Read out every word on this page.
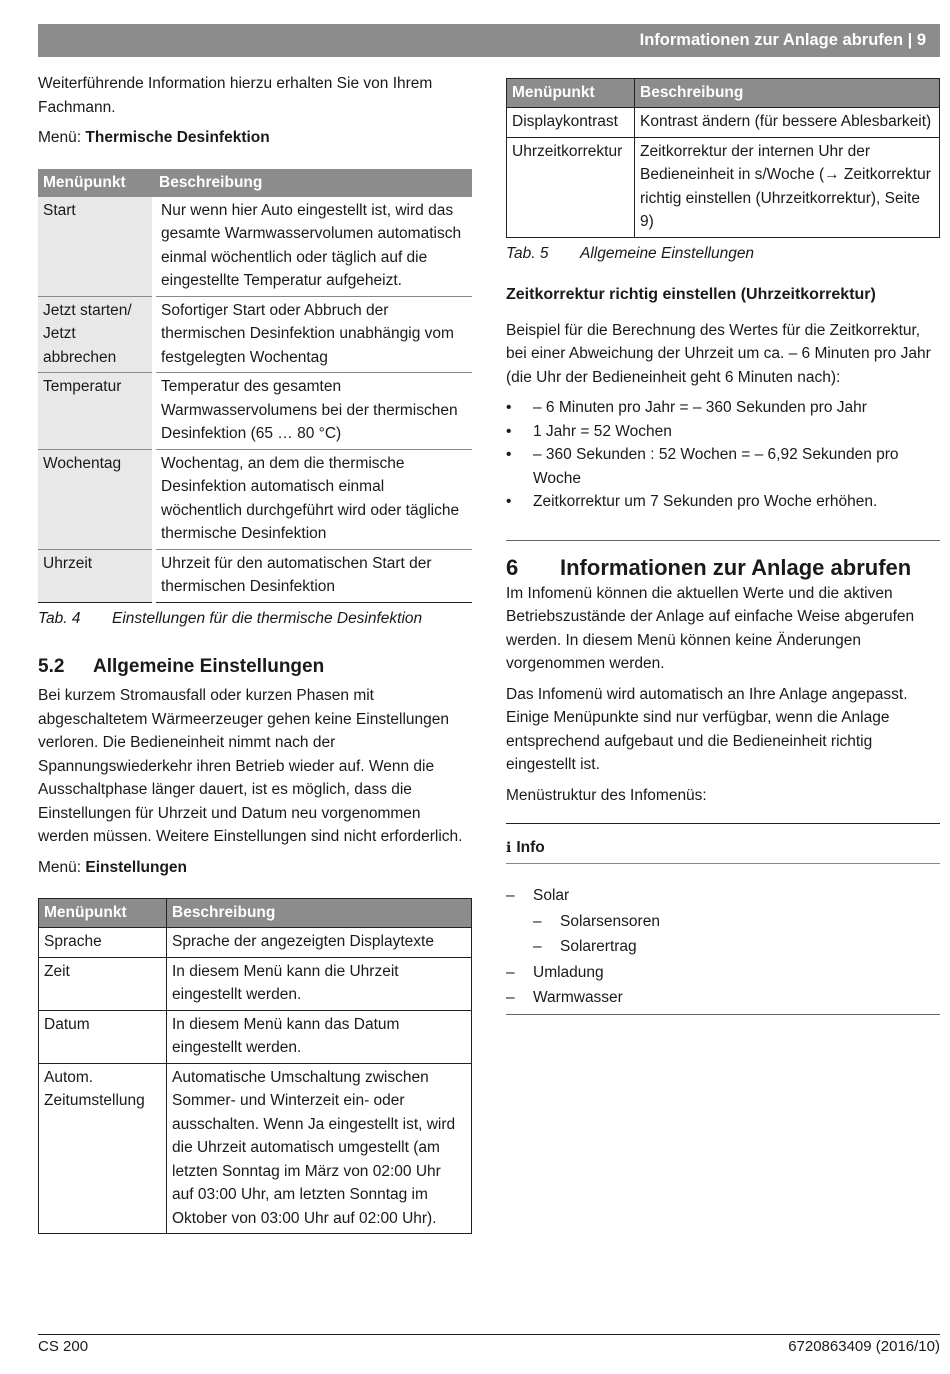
Informationen zur Anlage abrufen | 9

Weiterführende Information hierzu erhalten Sie von Ihrem Fachmann.

Menü: Thermische Desinfektion

Menüpunkt	Beschreibung
Start	Nur wenn hier Auto eingestellt ist, wird das gesamte Warmwasservolumen automatisch einmal wöchentlich oder täglich auf die eingestellte Temperatur aufgeheizt.
Jetzt starten/ Jetzt abbrechen	Sofortiger Start oder Abbruch der thermischen Desinfektion unabhängig vom festgelegten Wochentag
Temperatur	Temperatur des gesamten Warmwasservolumens bei der thermischen Desinfektion (65 … 80 °C)
Wochentag	Wochentag, an dem die thermische Desinfektion automatisch einmal wöchentlich durchgeführt wird oder tägliche thermische Desinfektion
Uhrzeit	Uhrzeit für den automatischen Start der thermischen Desinfektion
Tab. 4 Einstellungen für die thermische Desinfektion
5.2 Allgemeine Einstellungen

Bei kurzem Stromausfall oder kurzen Phasen mit abgeschaltetem Wärmeerzeuger gehen keine Einstellungen verloren. Die Bedieneinheit nimmt nach der Spannungswiederkehr ihren Betrieb wieder auf. Wenn die Ausschaltphase länger dauert, ist es möglich, dass die Einstellungen für Uhrzeit und Datum neu vorgenommen werden müssen. Weitere Einstellungen sind nicht erforderlich.

Menü: Einstellungen

Menüpunkt	Beschreibung
Sprache	Sprache der angezeigten Displaytexte
Zeit	In diesem Menü kann die Uhrzeit eingestellt werden.
Datum	In diesem Menü kann das Datum eingestellt werden.
Autom. Zeitumstellung	Automatische Umschaltung zwischen Sommer- und Winterzeit ein- oder ausschalten. Wenn Ja eingestellt ist, wird die Uhrzeit automatisch umgestellt (am letzten Sonntag im März von 02:00 Uhr auf 03:00 Uhr, am letzten Sonntag im Oktober von 03:00 Uhr auf 02:00 Uhr).
Menüpunkt	Beschreibung
Displaykontrast	Kontrast ändern (für bessere Ablesbarkeit)
Uhrzeitkorrektur	Zeitkorrektur der internen Uhr der Bedieneinheit in s/Woche (→ Zeitkorrektur richtig einstellen (Uhrzeitkorrektur), Seite 9)
Tab. 5 Allgemeine Einstellungen
Zeitkorrektur richtig einstellen (Uhrzeitkorrektur)

Beispiel für die Berechnung des Wertes für die Zeitkorrektur, bei einer Abweichung der Uhrzeit um ca. – 6 Minuten pro Jahr (die Uhr der Bedieneinheit geht 6 Minuten nach):

• – 6 Minuten pro Jahr = – 360 Sekunden pro Jahr
• 1 Jahr = 52 Wochen
• – 360 Sekunden : 52 Wochen = – 6,92 Sekunden pro Woche
• Zeitkorrektur um 7 Sekunden pro Woche erhöhen.
6 Informationen zur Anlage abrufen

Im Infomenü können die aktuellen Werte und die aktiven Betriebszustände der Anlage auf einfache Weise abgerufen werden. In diesem Menü können keine Änderungen vorgenommen werden.

Das Infomenü wird automatisch an Ihre Anlage angepasst. Einige Menüpunkte sind nur verfügbar, wenn die Anlage entsprechend aufgebaut und die Bedieneinheit richtig eingestellt ist.

Menüstruktur des Infomenüs:

ℹ Info
– Solar
– Solarsensoren
– Solarertrag
– Umladung
– Warmwasser
CS 200	6720863409 (2016/10)
